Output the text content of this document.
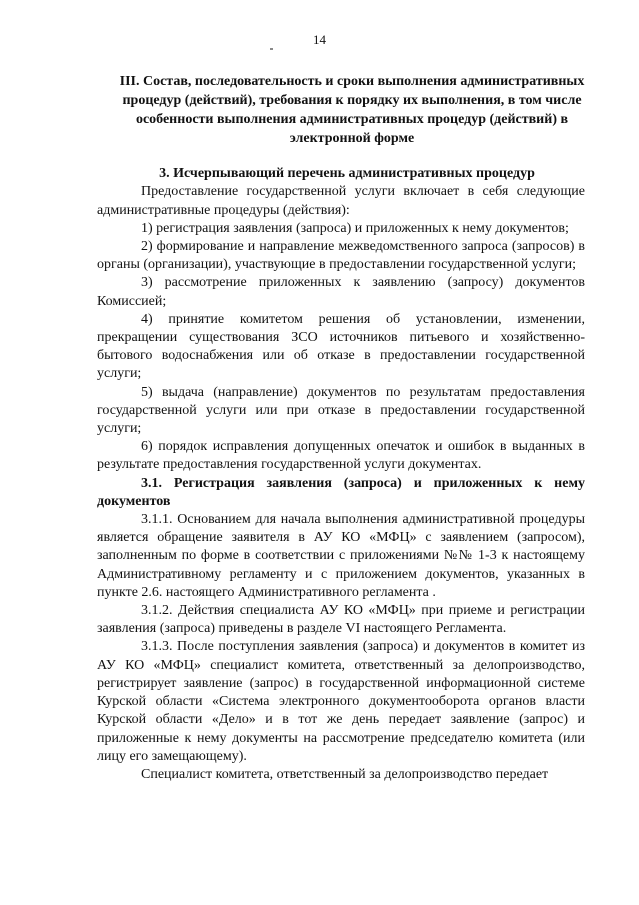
14

III. Состав, последовательность и сроки выполнения административных процедур (действий), требования к порядку их выполнения, в том числе особенности выполнения административных процедур (действий) в электронной форме

3. Исчерпывающий перечень административных процедур

Предоставление государственной услуги включает в себя следующие административные процедуры (действия):

1) регистрация заявления (запроса) и приложенных к нему документов;

2) формирование и направление межведомственного запроса (запросов) в органы (организации), участвующие в предоставлении государственной услуги;

3) рассмотрение приложенных к заявлению (запросу) документов Комиссией;

4) принятие комитетом решения об установлении, изменении, прекращении существования ЗСО источников питьевого и хозяйственно-бытового водоснабжения или об отказе в предоставлении государственной услуги;

5) выдача (направление) документов по результатам предоставления государственной услуги или при отказе в предоставлении государственной услуги;

6) порядок исправления допущенных опечаток и ошибок в выданных в результате предоставления государственной услуги документах.

3.1. Регистрация заявления (запроса) и приложенных к нему документов

3.1.1. Основанием для начала выполнения административной процедуры является обращение заявителя в АУ КО «МФЦ» с заявлением (запросом), заполненным по форме в соответствии с приложениями №№ 1-3 к настоящему Административному регламенту и с приложением документов, указанных в пункте 2.6. настоящего Административного регламента .

3.1.2. Действия специалиста АУ КО «МФЦ» при приеме и регистрации заявления (запроса) приведены в разделе VI настоящего Регламента.

3.1.3. После поступления заявления (запроса) и документов в комитет из АУ КО «МФЦ» специалист комитета, ответственный за делопроизводство, регистрирует заявление (запрос) в государственной информационной системе Курской области «Система электронного документооборота органов власти Курской области «Дело» и в тот же день передает заявление (запрос) и приложенные к нему документы на рассмотрение председателю комитета (или лицу его замещающему).

Специалист комитета, ответственный за делопроизводство передает
